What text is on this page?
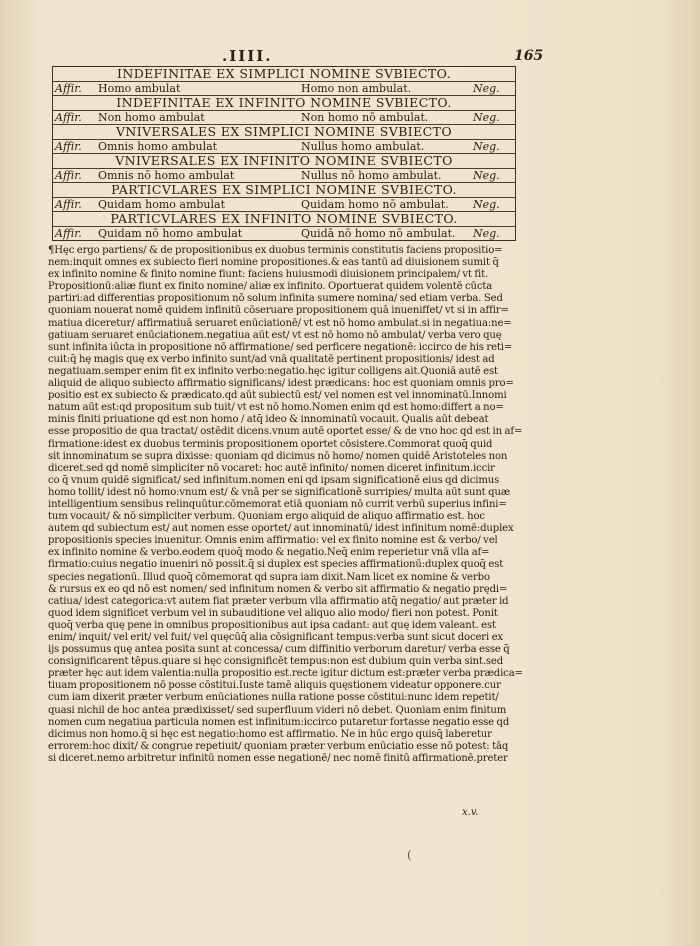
.IIII.	165
INDEFINITAE EX SIMPLICI NOMINE SVBIECTO.
Affir. Homo ambulat	Homo non ambulat.	Neg.
INDEFINITAE EX INFINITO NOMINE SVBIECTO.
Affir. Non homo ambulat	Non homo nō ambulat.	Neg.
VNIVERSALES EX SIMPLICI NOMINE SVBIECTO
Affir. Omnis homo ambulat	Nullus homo ambulat.	Neg.
VNIVERSALES EX INFINITO NOMINE SVBIECTO
Affir. Omnis nō homo ambulat	Nullus nō homo ambulat.	Neg.
PARTICVLARES EX SIMPLICI NOMINE SVBIECTO.
Affir. Quidam homo ambulat	Quidam homo nō ambulat. Neg.
PARTICVLARES EX INFINITO NOMINE SVBIECTO.
Affir. Quidam nō homo ambulat	Quidā nō homo nō ambulat. Neg.
¶Hęc ergo partiens/ & de propositionibus ex duobus terminis constitutis faciens propositio=
nem:inquit omnes ex subiecto fieri nomine propositiones.& eas tantū ad diuisionem sumit q̄
ex infinito nomine & finito nomine fiunt: faciens huiusmodi diuisionem principalem/ vt fit.
Propositionū:aliæ fiunt ex finito nomine/ aliæ ex infinito. Oportuerat quidem volentē cūcta
partiri:ad differentias propositionum nō solum infinita sumere nomina/ sed etiam verba. Sed
quoniam nouerat nomē quidem infinitū cōseruare propositionem quā inueniffet/ vt si in affir=
matiua diceretur/ affirmatiuā seruaret enūciationē/ vt est nō homo ambulat.si in negatiua:ne=
gatiuam seruaret enūciationem.negatiua aūt est/ vt est nō homo nō ambulat/ verba vero quę
sunt infinita iūcta in propositione nō affirmatione/ sed perficere negationē: iccirco de his reti=
cuit:q̄ hę magis quę ex verbo infinito sunt/ad vnā qualitatē pertinent propositionis/ idest ad
negatiuam.semper enim fit ex infinito verbo:negatio.hęc igitur colligens ait.Quoniā autē est
aliquid de aliquo subiecto affirmatio significans/ idest prædicans: hoc est quoniam omnis pro=
positio est ex subiecto & prædicato.qd aūt subiectū est/ vel nomen est vel innominatū.Innomi
natum aūt est:qd propositum sub tuit/ vt est nō homo.Nomen enim qd est homo:differt a no=
minis finiti priuatione qd est non homo / atq̄ ideo & innominatū vocauit. Qualis aūt debeat
esse propositio de qua tractat/ ostēdit dicens.vnum autē oportet esse/ & de vno hoc qd est in af=
firmatione:idest ex duobus terminis propositionem oportet cōsistere.Commorat quoq̄ quid
sit innominatum se supra dixisse: quoniam qd dicimus nō homo/ nomen quidē Aristoteles non
diceret.sed qd nomē simpliciter nō vocaret: hoc autē infinito/ nomen diceret infinitum.iccir
co q̄ vnum quidē significat/ sed infinitum.nomen eni qd ipsam significationē eius qd dicimus
homo tollit/ idest nō homo:vnum est/ & vnā per se significationē surripies/ multa aūt sunt quæ
intelligentium sensibus relinquūtur.cōmemorat etiā quoniam nō currit verbū superius infini=
tum vocauit/ & nō simpliciter verbum. Quoniam ergo aliquid de aliquo affirmatio est. hoc
autem qd subiectum est/ aut nomen esse oportet/ aut innominatū/ idest infinitum nomē:duplex
propositionis species inuenitur. Omnis enim affirmatio: vel ex finito nomine est & verbo/ vel
ex infinito nomine & verbo.eodem quoq̄ modo & negatio.Neq̄ enim reperietur vnā vlla af=
firmatio:cuius negatio inueniri nō possit.q̄ si duplex est species affirmationū:duplex quoq̄ est
species negationū. Illud quoq̄ cōmemorat qd supra iam dixit.Nam licet ex nomine & verbo
& rursus ex eo qd nō est nomen/ sed infinitum nomen & verbo sit affirmatio & negatio prędi=
catiua/ idest categorica:vt autem fiat præter verbum vlla affirmatio atq̄ negatio/ aut præter id
quod idem significet verbum vel in subauditione vel aliquo alio modo/ fieri non potest. Ponit
quoq̄ verba quę pene in omnibus propositionibus aut ipsa cadant: aut quę idem valeant. est
enim/ inquit/ vel erit/ vel fuit/ vel quęcūq̄ alia cōsignificant tempus:verba sunt sicut doceri ex
ijs possumus quę antea posita sunt at̄ concessa/ cum diffinitio verborum daretur/ verba esse q̄
consignificarent tēpus.quare si hęc consignificēt tempus:non est dubium quin verba sint.sed
præter hęc aut idem valentia:nulla propositio est.recte igitur dictum est:præter verba prædica=
tiuam propositionem nō posse cōstitui.Iuste tamē aliquis quęstionem videatur opponere.cur
cum iam dixerit præter verbum enūciationes nulla ratione posse cōstitui:nunc idem repetit/
quasi nichil de hoc antea prædixisset/ sed superfluum videri nō debet. Quoniam enim finitum
nomen cum negatiua particula nomen est infinitum:iccirco putaretur fortasse negatio esse qd
dicimus non homo.q̄ si hęc est negatio:homo est affirmatio. Ne in hūc ergo quisq̄ laberetur
errorem:hoc dixit/ & congrue repetiuit/ quoniam præter verbum enūciatio esse nō potest: tāq
si diceret.nemo arbitretur infinitū nomen esse negationē/ nec nomē finitū affirmationē.preter
x.v.
(
